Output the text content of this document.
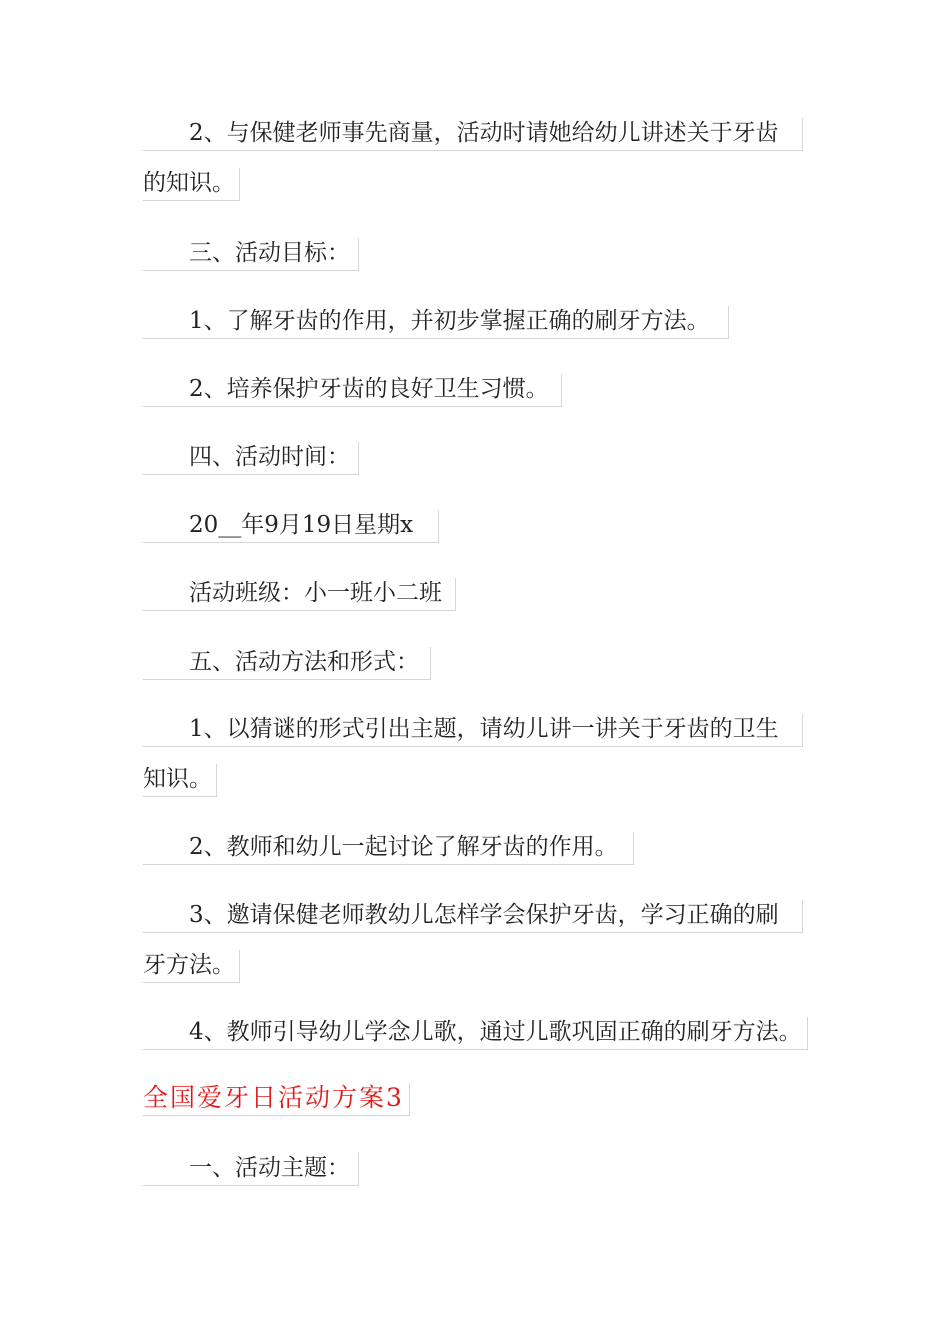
　　2、与保健老师事先商量，活动时请她给幼儿讲述关于牙齿
的知识。
　　三、活动目标：
　　1、了解牙齿的作用，并初步掌握正确的刷牙方法。
　　2、培养保护牙齿的良好卫生习惯。
　　四、活动时间：
　　20__年9月19日星期x
　　活动班级：小一班小二班
　　五、活动方法和形式：
　　1、以猜谜的形式引出主题，请幼儿讲一讲关于牙齿的卫生
知识。
　　2、教师和幼儿一起讨论了解牙齿的作用。
　　3、邀请保健老师教幼儿怎样学会保护牙齿，学习正确的刷
牙方法。
　　4、教师引导幼儿学念儿歌，通过儿歌巩固正确的刷牙方法。
全国爱牙日活动方案3
　　一、活动主题：
